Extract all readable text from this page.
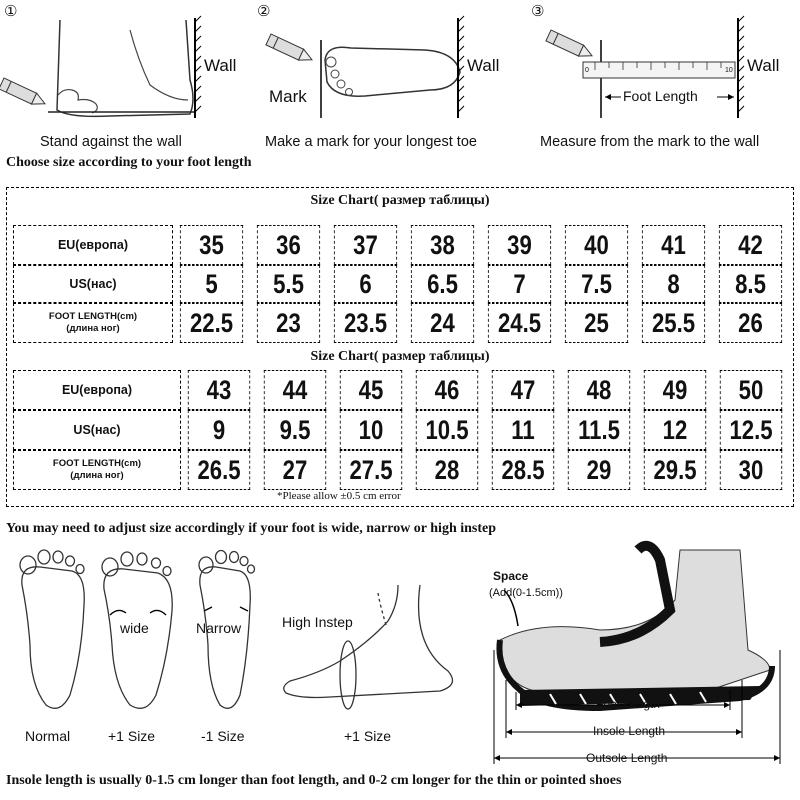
①
Wall
Stand against the wall
②
Wall
Mark
Make a mark for your longest toe
③
0	10
Foot Length
Wall
Measure from the mark to the wall
Choose size according to your foot length
Size Chart( размер таблицы)
EU(европа)	35	36	37	38	39	40	41	42
US(нас)	5	5.5	6	6.5	7	7.5	8	8.5
FOOT LENGTH(cm)
(длина ног)	22.5	23	23.5	24	24.5	25	25.5	26
Size Chart( размер таблицы)
EU(европа)	43	44	45	46	47	48	49	50
US(нас)	9	9.5	10	10.5	11	11.5	12	12.5
FOOT LENGTH(cm)
(длина ног)	26.5	27	27.5	28	28.5	29	29.5	30
*Please allow ±0.5 cm error
You may need to adjust size accordingly if your foot is wide, narrow or high instep
Normal	+1 Size
wide
-1 Size
Narrow	High Instep
+1 Size
Space
(Add(0-1.5cm))
Foot Length
Insole Length
Outsole Length
Insole length is usually 0-1.5 cm longer than foot length, and 0-2 cm longer for the thin or pointed shoes
